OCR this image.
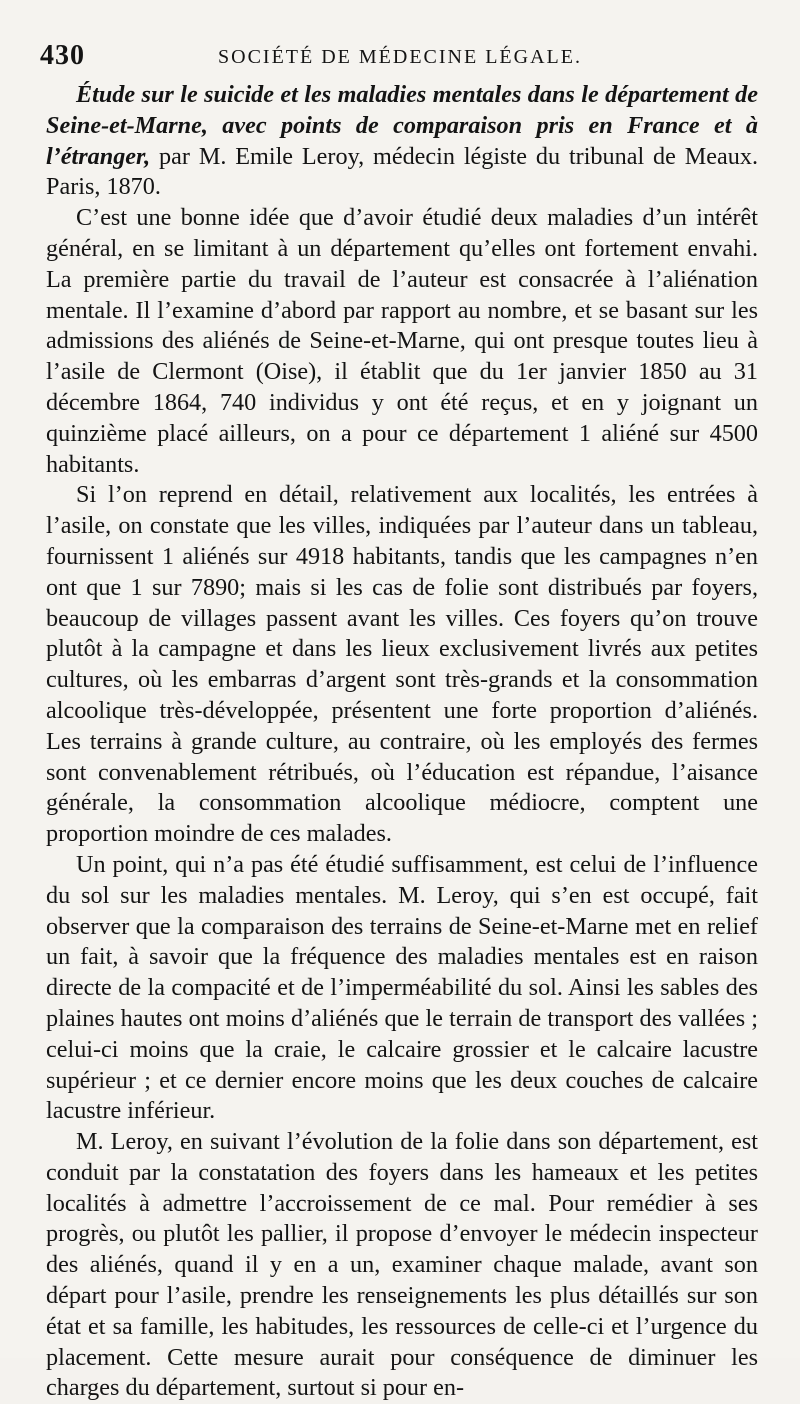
430	SOCIÉTÉ DE MÉDECINE LÉGALE.

Étude sur le suicide et les maladies mentales dans le département de Seine-et-Marne, avec points de comparaison pris en France et à l’étranger, par M. Emile Leroy, médecin légiste du tribunal de Meaux. Paris, 1870.

C’est une bonne idée que d’avoir étudié deux maladies d’un intérêt général, en se limitant à un département qu’elles ont fortement envahi. La première partie du travail de l’auteur est consacrée à l’aliénation mentale. Il l’examine d’abord par rapport au nombre, et se basant sur les admissions des aliénés de Seine-et-Marne, qui ont presque toutes lieu à l’asile de Clermont (Oise), il établit que du 1er janvier 1850 au 31 décembre 1864, 740 individus y ont été reçus, et en y joignant un quinzième placé ailleurs, on a pour ce département 1 aliéné sur 4500 habitants.

Si l’on reprend en détail, relativement aux localités, les entrées à l’asile, on constate que les villes, indiquées par l’auteur dans un tableau, fournissent 1 aliénés sur 4918 habitants, tandis que les campagnes n’en ont que 1 sur 7890; mais si les cas de folie sont distribués par foyers, beaucoup de villages passent avant les villes. Ces foyers qu’on trouve plutôt à la campagne et dans les lieux exclusivement livrés aux petites cultures, où les embarras d’argent sont très-grands et la consommation alcoolique très-développée, présentent une forte proportion d’aliénés. Les terrains à grande culture, au contraire, où les employés des fermes sont convenablement rétribués, où l’éducation est répandue, l’aisance générale, la consommation alcoolique médiocre, comptent une proportion moindre de ces malades.

Un point, qui n’a pas été étudié suffisamment, est celui de l’influence du sol sur les maladies mentales. M. Leroy, qui s’en est occupé, fait observer que la comparaison des terrains de Seine-et-Marne met en relief un fait, à savoir que la fréquence des maladies mentales est en raison directe de la compacité et de l’imperméabilité du sol. Ainsi les sables des plaines hautes ont moins d’aliénés que le terrain de transport des vallées ; celui-ci moins que la craie, le calcaire grossier et le calcaire lacustre supérieur ; et ce dernier encore moins que les deux couches de calcaire lacustre inférieur.

M. Leroy, en suivant l’évolution de la folie dans son département, est conduit par la constatation des foyers dans les hameaux et les petites localités à admettre l’accroissement de ce mal. Pour remédier à ses progrès, ou plutôt les pallier, il propose d’envoyer le médecin inspecteur des aliénés, quand il y en a un, examiner chaque malade, avant son départ pour l’asile, prendre les renseignements les plus détaillés sur son état et sa famille, les habitudes, les ressources de celle-ci et l’urgence du placement. Cette mesure aurait pour conséquence de diminuer les charges du département, surtout si pour en-
